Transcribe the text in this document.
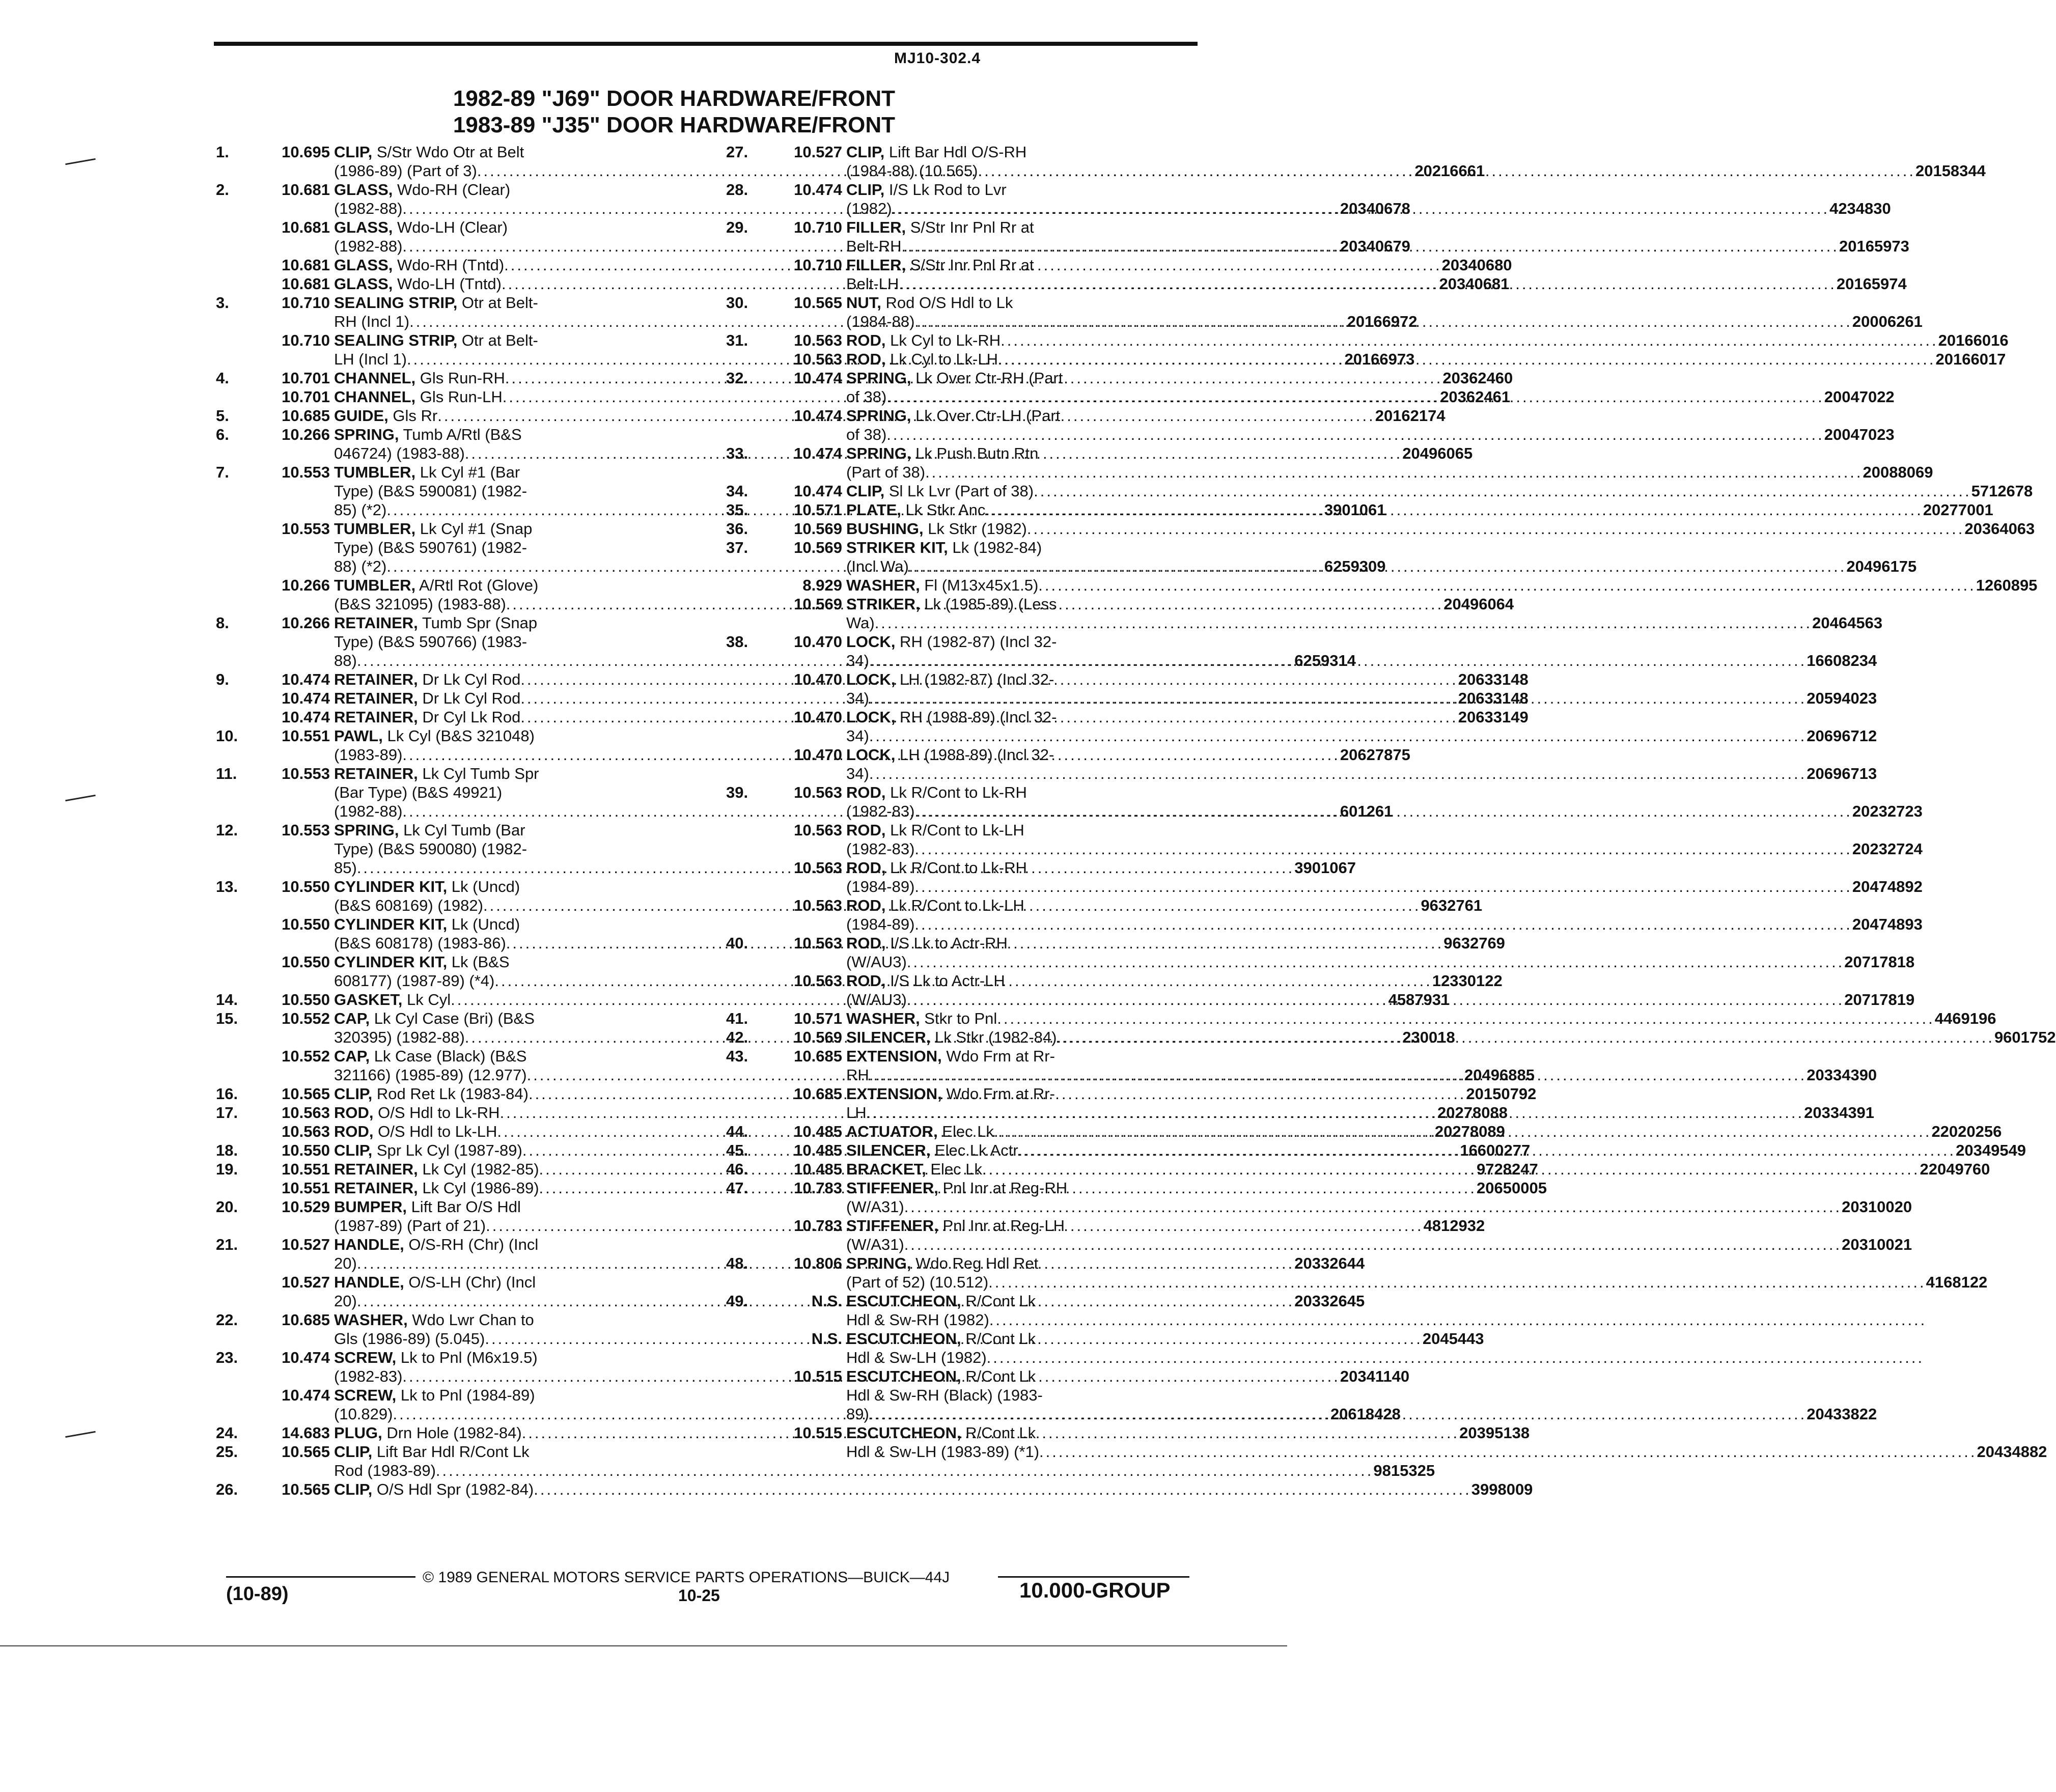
MJ10-302.4
1982-89 "J69" DOOR HARDWARE/FRONT
1983-89 "J35" DOOR HARDWARE/FRONT
1.	10.695 CLIP, S/Str Wdo Otr at Belt
(1986-89) (Part of 3) .....	20216661
2.	10.681 GLASS, Wdo-RH (Clear)
(1982-88) .....	20340678
10.681 GLASS, Wdo-LH (Clear)
(1982-88) .....	20340679
10.681 GLASS, Wdo-RH (Tntd) .....	20340680
10.681 GLASS, Wdo-LH (Tntd) .....	20340681
3.	10.710 SEALING STRIP, Otr at Belt-
RH (Incl 1) .....	20166972
10.710 SEALING STRIP, Otr at Belt-
LH (Incl 1) .....	20166973
4.	10.701 CHANNEL, Gls Run-RH .....	20362460
10.701 CHANNEL, Gls Run-LH .....	20362461
5.	10.685 GUIDE, Gls Rr .....	20162174
6.	10.266 SPRING, Tumb A/Rtl (B&S
046724) (1983-88) .....	20496065
7.	10.553 TUMBLER, Lk Cyl #1 (Bar
Type) (B&S 590081) (1982-
85) (*2) .....	3901061
10.553 TUMBLER, Lk Cyl #1 (Snap
Type) (B&S 590761) (1982-
88) (*2) .....	6259309
10.266 TUMBLER, A/Rtl Rot (Glove)
(B&S 321095) (1983-88) .....	20496064
8.	10.266 RETAINER, Tumb Spr (Snap
Type) (B&S 590766) (1983-
88) .....	6259314
9.	10.474 RETAINER, Dr Lk Cyl Rod .....	20633148
10.474 RETAINER, Dr Lk Cyl Rod .....	20633148
10.474 RETAINER, Dr Cyl Lk Rod .....	20633149
10.	10.551 PAWL, Lk Cyl (B&S 321048)
(1983-89) .....	20627875
11.	10.553 RETAINER, Lk Cyl Tumb Spr
(Bar Type) (B&S 49921)
(1982-88) .....	601261
12.	10.553 SPRING, Lk Cyl Tumb (Bar
Type) (B&S 590080) (1982-
85) .....	3901067
13.	10.550 CYLINDER KIT, Lk (Uncd)
(B&S 608169) (1982) .....	9632761
10.550 CYLINDER KIT, Lk (Uncd)
(B&S 608178) (1983-86) .....	9632769
10.550 CYLINDER KIT, Lk (B&S
608177) (1987-89) (*4) .....	12330122
14.	10.550 GASKET, Lk Cyl .....	4587931
15.	10.552 CAP, Lk Cyl Case (Bri) (B&S
320395) (1982-88) .....	230018
10.552 CAP, Lk Case (Black) (B&S
321166) (1985-89) (12.977) .....	20496885
16.	10.565 CLIP, Rod Ret Lk (1983-84) .....	20150792
17.	10.563 ROD, O/S Hdl to Lk-RH .....	20278088
10.563 ROD, O/S Hdl to Lk-LH .....	20278089
18.	10.550 CLIP, Spr Lk Cyl (1987-89) .....	16600277
19.	10.551 RETAINER, Lk Cyl (1982-85) .....	9728247
10.551 RETAINER, Lk Cyl (1986-89) .....	20650005
20.	10.529 BUMPER, Lift Bar O/S Hdl
(1987-89) (Part of 21) .....	4812932
21.	10.527 HANDLE, O/S-RH (Chr) (Incl
20) .....	20332644
10.527 HANDLE, O/S-LH (Chr) (Incl
20) .....	20332645
22.	10.685 WASHER, Wdo Lwr Chan to
Gls (1986-89) (5.045) .....	2045443
23.	10.474 SCREW, Lk to Pnl (M6x19.5)
(1982-83) .....	20341140
10.474 SCREW, Lk to Pnl (1984-89)
(10.829) .....	20618428
24.	14.683 PLUG, Drn Hole (1982-84) .....	20395138
25.	10.565 CLIP, Lift Bar Hdl R/Cont Lk
Rod (1983-89) .....	9815325
26.	10.565 CLIP, O/S Hdl Spr (1982-84) .....	3998009
27.	10.527 CLIP, Lift Bar Hdl O/S-RH
(1984-88) (10.565) .....	20158344
28.	10.474 CLIP, I/S Lk Rod to Lvr
(1982) .....	4234830
29.	10.710 FILLER, S/Str Inr Pnl Rr at
Belt-RH .....	20165973
10.710 FILLER, S/Str Inr Pnl Rr at
Belt-LH .....	20165974
30.	10.565 NUT, Rod O/S Hdl to Lk
(1984-88) .....	20006261
31.	10.563 ROD, Lk Cyl to Lk-RH .....	20166016
10.563 ROD, Lk Cyl to Lk-LH .....	20166017
32.	10.474 SPRING, Lk Over Ctr-RH (Part
of 38) .....	20047022
10.474 SPRING, Lk Over Ctr-LH (Part
of 38) .....	20047023
33.	10.474 SPRING, Lk Push Butn Rtn
(Part of 38) .....	20088069
34.	10.474 CLIP, Sl Lk Lvr (Part of 38) .....	5712678
35.	10.571 PLATE, Lk Stkr Anc .....	20277001
36.	10.569 BUSHING, Lk Stkr (1982) .....	20364063
37.	10.569 STRIKER KIT, Lk (1982-84)
(Incl Wa) .....	20496175
8.929 WASHER, Fl (M13x45x1.5) .....	1260895
10.569 STRIKER, Lk (1985-89) (Less
Wa) .....	20464563
38.	10.470 LOCK, RH (1982-87) (Incl 32-
34) .....	16608234
10.470 LOCK, LH (1982-87) (Incl 32-
34) .....	20594023
10.470 LOCK, RH (1988-89) (Incl 32-
34) .....	20696712
10.470 LOCK, LH (1988-89) (Incl 32-
34) .....	20696713
39.	10.563 ROD, Lk R/Cont to Lk-RH
(1982-83) .....	20232723
10.563 ROD, Lk R/Cont to Lk-LH
(1982-83) .....	20232724
10.563 ROD, Lk R/Cont to Lk-RH
(1984-89) .....	20474892
10.563 ROD, Lk R/Cont to Lk-LH
(1984-89) .....	20474893
40.	10.563 ROD, I/S Lk to Actr-RH
(W/AU3) .....	20717818
10.563 ROD, I/S Lk to Actr-LH
(W/AU3) .....	20717819
41.	10.571 WASHER, Stkr to Pnl .....	4469196
42.	10.569 SILENCER, Lk Stkr (1982-84) .....	9601752
43.	10.685 EXTENSION, Wdo Frm at Rr-
RH .....	20334390
10.685 EXTENSION, Wdo Frm at Rr-
LH .....	20334391
44.	10.485 ACTUATOR, Elec Lk .....	22020256
45.	10.485 SILENCER, Elec Lk Actr .....	20349549
46.	10.485 BRACKET, Elec Lk .....	22049760
47.	10.783 STIFFENER, Pnl Inr at Reg-RH
(W/A31) .....	20310020
10.783 STIFFENER, Pnl Inr at Reg-LH
(W/A31) .....	20310021
48.	10.806 SPRING, Wdo Reg Hdl Ret
(Part of 52) (10.512) .....	4168122
49.	N.S. ESCUTCHEON, R/Cont Lk
Hdl & Sw-RH (1982)
.....
N.S. ESCUTCHEON, R/Cont Lk
Hdl & Sw-LH (1982)
.....
10.515 ESCUTCHEON, R/Cont Lk
Hdl & Sw-RH (Black) (1983-
89) .....	20433822
10.515 ESCUTCHEON, R/Cont Lk
Hdl & Sw-LH (1983-89) (*1) .....	20434882
© 1989 GENERAL MOTORS SERVICE PARTS OPERATIONS—BUICK—44J
10-25
(10-89)	10.000-GROUP
